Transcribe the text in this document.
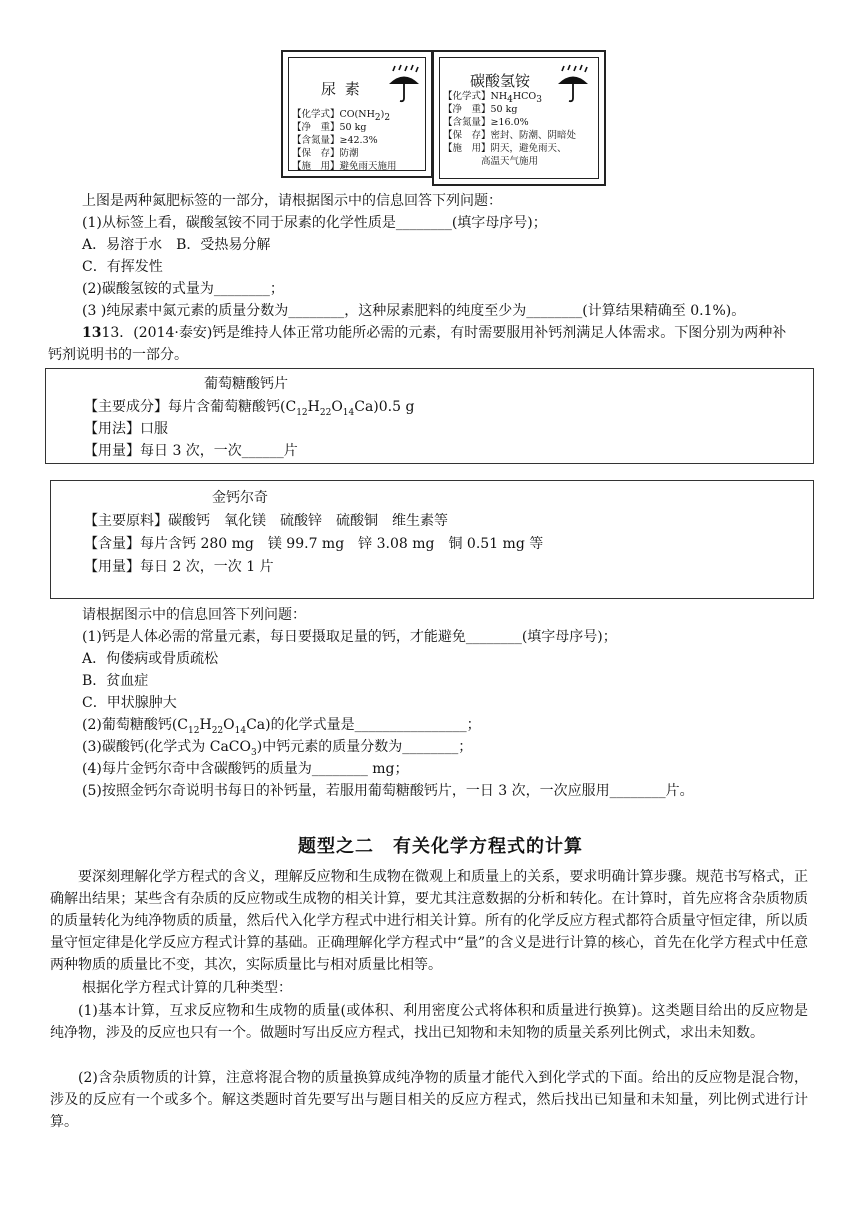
尿 素
【化学式】$CO(NH_2)_2$
【净　重】50 kg
【含氮量】≥42.3%
【保　存】防潮
【施　用】避免雨天施用
碳酸氢铵
【化学式】$NH_4HCO_3$
【净　重】50 kg
【含氮量】≥16.0%
【保　存】密封、防潮、阴暗处
【施　用】阴天，避免雨天、
　　　　高温天气施用
上图是两种氮肥标签的一部分，请根据图示中的信息回答下列问题：
(1)从标签上看，碳酸氢铵不同于尿素的化学性质是________(填字母序号)；
A．易溶于水　B．受热易分解
C．有挥发性
(2)碳酸氢铵的式量为________；
(3 )纯尿素中氮元素的质量分数为________，这种尿素肥料的纯度至少为________(计算结果精确至 0.1%)。
1313．(2014·泰安)钙是维持人体正常功能所必需的元素，有时需要服用补钙剂满足人体需求。下图分别为两种补
钙剂说明书的一部分。
葡萄糖酸钙片
【主要成分】每片含葡萄糖酸钙$(C_{12}H_{22}O_{14}Ca)0.5$ g
【用法】口服
【用量】每日 3 次，一次______片
金钙尔奇
【主要原料】碳酸钙　氧化镁　硫酸锌　硫酸铜　维生素等
【含量】每片含钙 280 mg　镁 99.7 mg　锌 3.08 mg　铜 0.51 mg 等
【用量】每日 2 次，一次 1 片
请根据图示中的信息回答下列问题：
(1)钙是人体必需的常量元素，每日要摄取足量的钙，才能避免________(填字母序号)；
A．佝偻病或骨质疏松
B．贫血症
C．甲状腺肿大
(2)葡萄糖酸钙$(C_{12}H_{22}O_{14}Ca)$的化学式量是________________；
(3)碳酸钙(化学式为 CaCO$_3$)中钙元素的质量分数为________；
(4)每片金钙尔奇中含碳酸钙的质量为________ mg；
(5)按照金钙尔奇说明书每日的补钙量，若服用葡萄糖酸钙片，一日 3 次，一次应服用________片。
题型之二　有关化学方程式的计算
要深刻理解化学方程式的含义，理解反应物和生成物在微观上和质量上的关系，要求明确计算步骤。规范书写格式，正确解出结果；某些含有杂质的反应物或生成物的相关计算，要尤其注意数据的分析和转化。在计算时，首先应将含杂质物质的质量转化为纯净物质的质量，然后代入化学方程式中进行相关计算。所有的化学反应方程式都符合质量守恒定律，所以质量守恒定律是化学反应方程式计算的基础。正确理解化学方程式中“量”的含义是进行计算的核心，首先在化学方程式中任意两种物质的质量比不变，其次，实际质量比与相对质量比相等。
根据化学方程式计算的几种类型：
(1)基本计算，互求反应物和生成物的质量(或体积、利用密度公式将体积和质量进行换算)。这类题目给出的反应物是纯净物，涉及的反应也只有一个。做题时写出反应方程式，找出已知物和未知物的质量关系列比例式，求出未知数。
(2)含杂质物质的计算，注意将混合物的质量换算成纯净物的质量才能代入到化学式的下面。给出的反应物是混合物，涉及的反应有一个或多个。解这类题时首先要写出与题目相关的反应方程式，然后找出已知量和未知量，列比例式进行计算。
